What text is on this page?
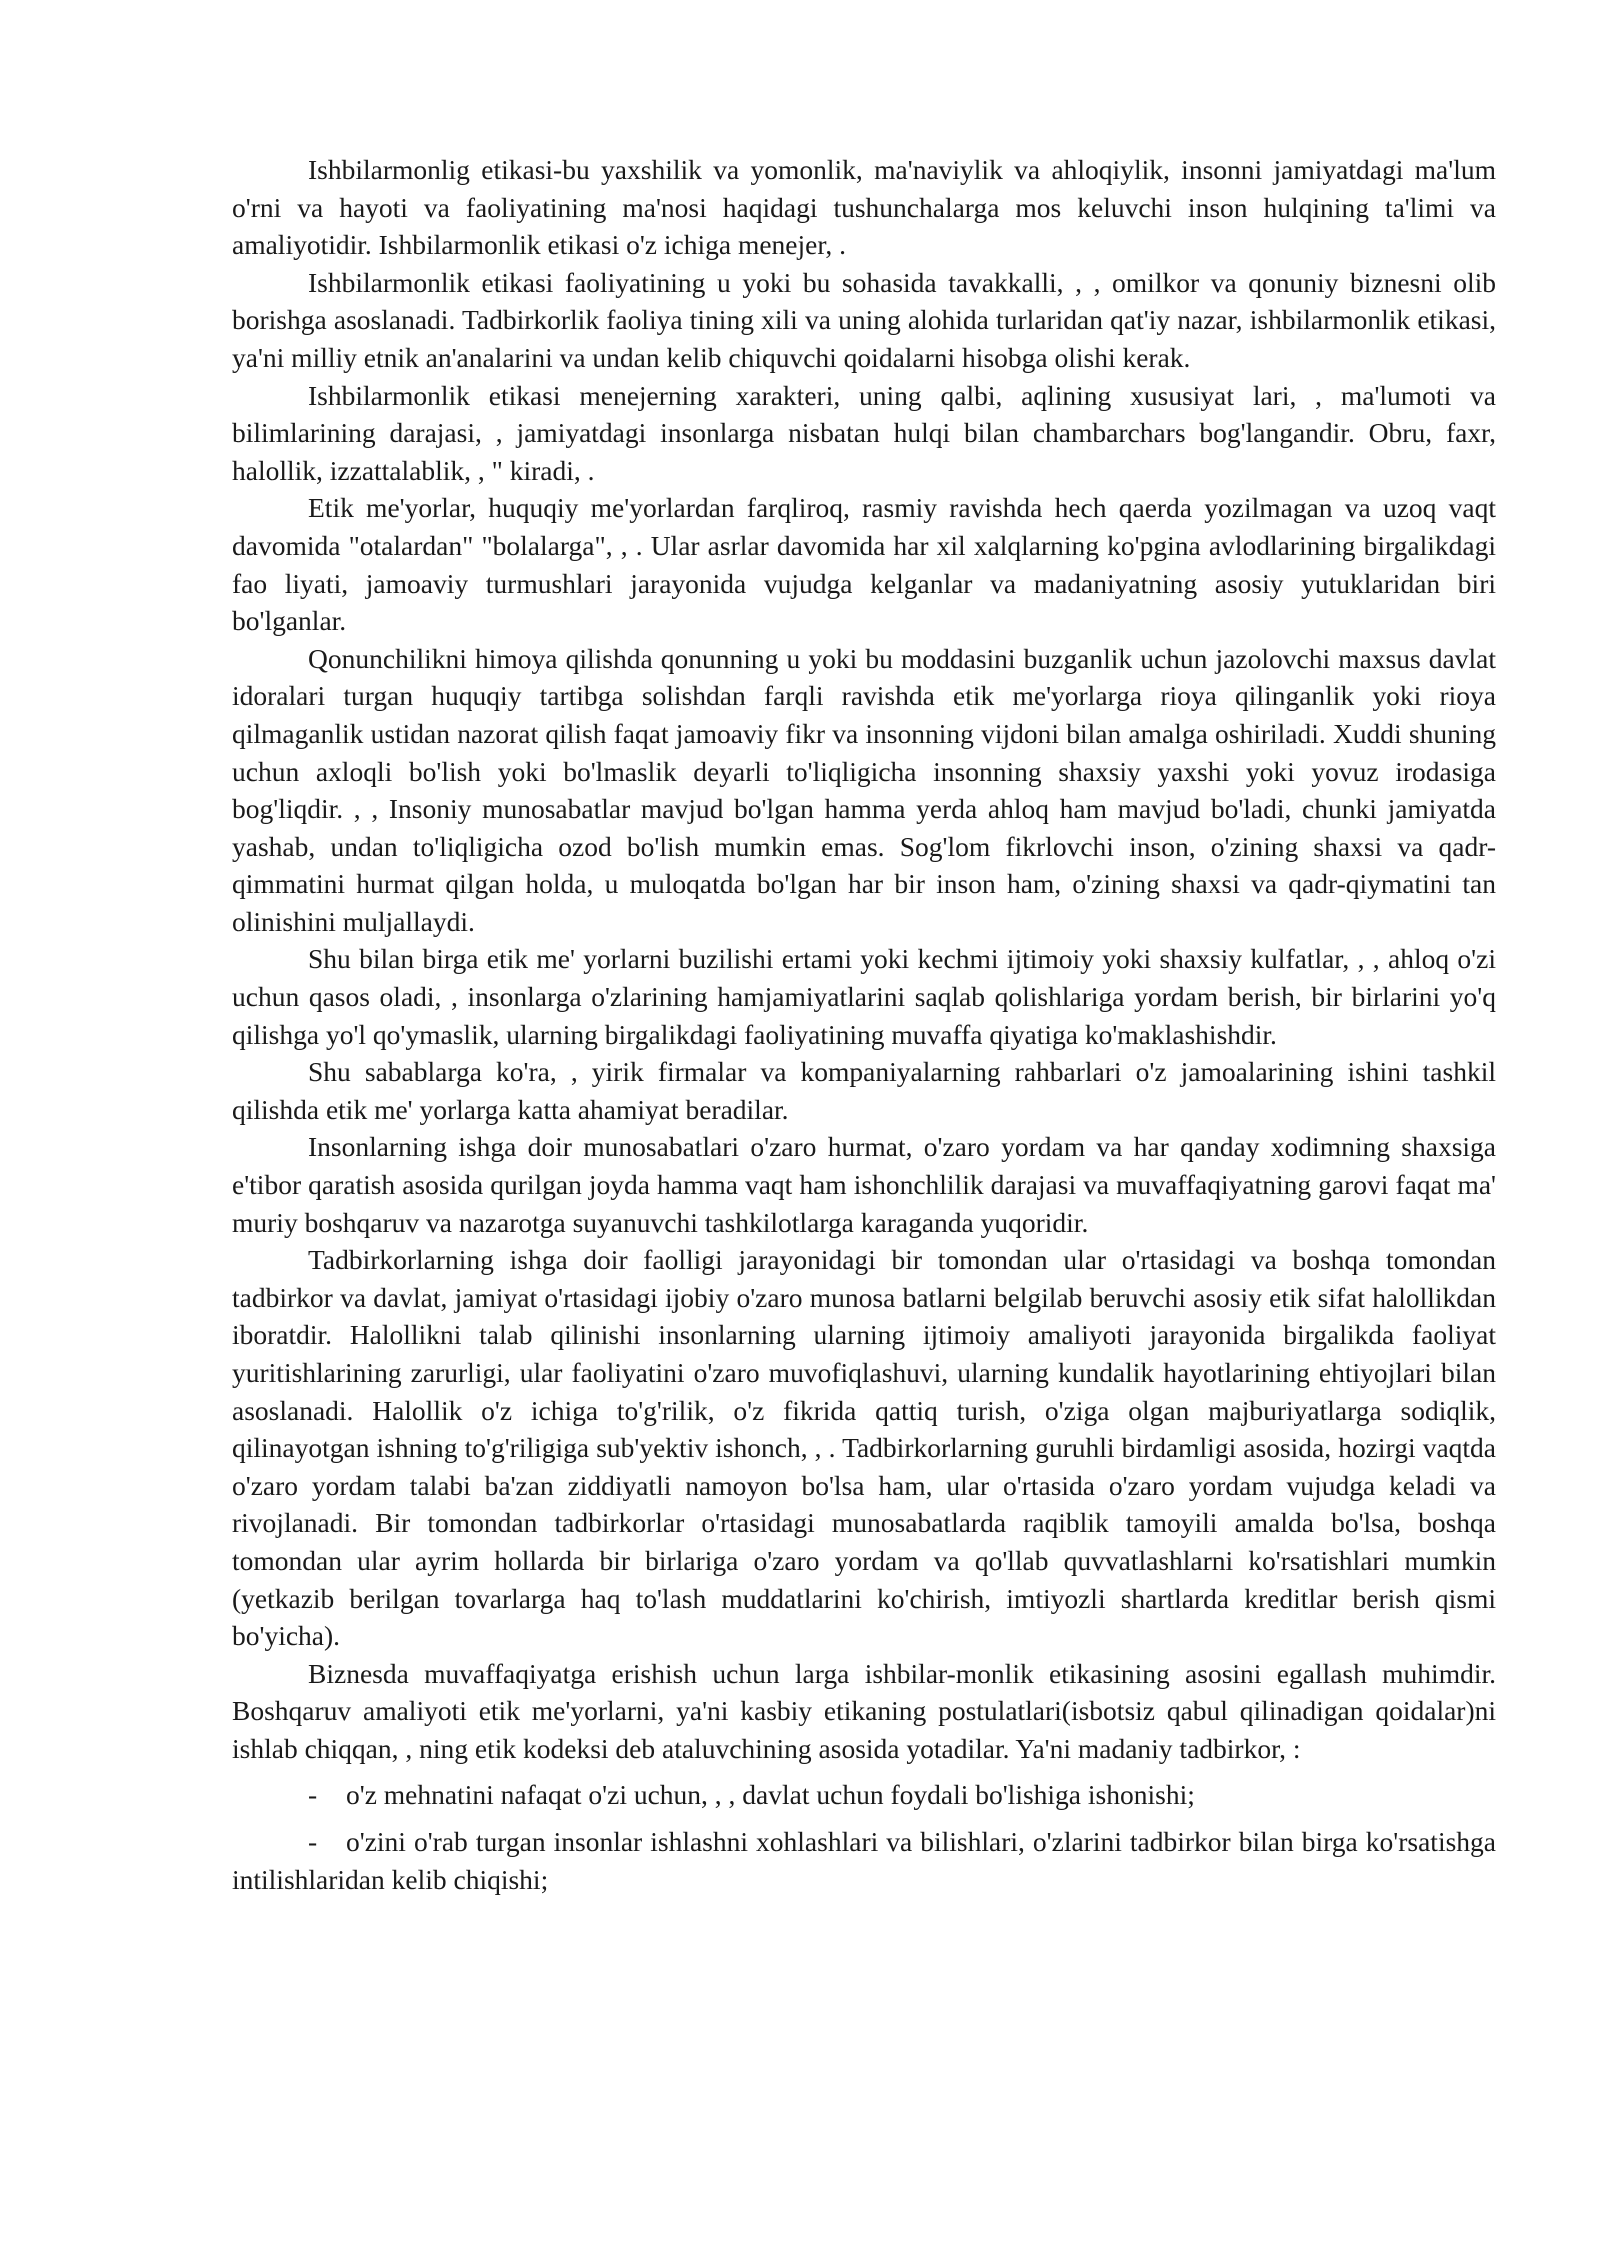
Ishbilarmonlig etikasi-bu yaxshilik va yomonlik, ma'naviylik va ahloqiylik, insonni jamiyatdagi ma'lum o'rni va hayoti va faoliyatining ma'nosi haqidagi tushunchalarga mos keluvchi inson hulqining ta'limi va amaliyotidir. Ishbilarmonlik etikasi o'z ichiga menejer, .

Ishbilarmonlik etikasi faoliyatining u yoki bu sohasida tavakkalli, , , omilkor va qonuniy biznesni olib borishga asoslanadi. Tadbirkorlik faoliya tining xili va uning alohida turlaridan qat'iy nazar, ishbilarmonlik etikasi, ya'ni milliy etnik an'analarini va undan kelib chiquvchi qoidalarni hisobga olishi kerak.

Ishbilarmonlik etikasi menejerning xarakteri, uning qalbi, aqlining xususiyat lari, , ma'lumoti va bilimlarining darajasi, , jamiyatdagi insonlarga nisbatan hulqi bilan chambarchars bog'langandir. Obru, faxr, halollik, izzattalablik, , " kiradi, .

Etik me'yorlar, huquqiy me'yorlardan farqliroq, rasmiy ravishda hech qaerda yozilmagan va uzoq vaqt davomida "otalardan" "bolalarga", , . Ular asrlar davomida har xil xalqlarning ko'pgina avlodlarining birgalikdagi fao liyati, jamoaviy turmushlari jarayonida vujudga kelganlar va madaniyatning asosiy yutuklaridan biri bo'lganlar.

Qonunchilikni himoya qilishda qonunning u yoki bu moddasini buzganlik uchun jazolovchi maxsus davlat idoralari turgan huquqiy tartibga solishdan farqli ravishda etik me'yorlarga rioya qilinganlik yoki rioya qilmaganlik ustidan nazorat qilish faqat jamoaviy fikr va insonning vijdoni bilan amalga oshiriladi. Xuddi shuning uchun axloqli bo'lish yoki bo'lmaslik deyarli to'liqligicha insonning shaxsiy yaxshi yoki yovuz irodasiga bog'liqdir. , , Insoniy munosabatlar mavjud bo'lgan hamma yerda ahloq ham mavjud bo'ladi, chunki jamiyatda yashab, undan to'liqligicha ozod bo'lish mumkin emas. Sog'lom fikrlovchi inson, o'zining shaxsi va qadr-qimmatini hurmat qilgan holda, u muloqatda bo'lgan har bir inson ham, o'zining shaxsi va qadr-qiymatini tan olinishini muljallaydi.

Shu bilan birga etik me' yorlarni buzilishi ertami yoki kechmi ijtimoiy yoki shaxsiy kulfatlar, , , ahloq o'zi uchun qasos oladi, , insonlarga o'zlarining hamjamiyatlarini saqlab qolishlariga yordam berish, bir birlarini yo'q qilishga yo'l qo'ymaslik, ularning birgalikdagi faoliyatining muvaffa qiyatiga ko'maklashishdir.

Shu sabablarga ko'ra, , yirik firmalar va kompaniyalarning rahbarlari o'z jamoalarining ishini tashkil qilishda etik me' yorlarga katta ahamiyat beradilar.

Insonlarning ishga doir munosabatlari o'zaro hurmat, o'zaro yordam va har qanday xodimning shaxsiga e'tibor qaratish asosida qurilgan joyda hamma vaqt ham ishonchlilik darajasi va muvaffaqiyatning garovi faqat ma' muriy boshqaruv va nazarotga suyanuvchi tashkilotlarga karaganda yuqoridir.

Tadbirkorlarning ishga doir faolligi jarayonidagi bir tomondan ular o'rtasidagi va boshqa tomondan tadbirkor va davlat, jamiyat o'rtasidagi ijobiy o'zaro munosa batlarni belgilab beruvchi asosiy etik sifat halollikdan iboratdir. Halollikni talab qilinishi insonlarning ularning ijtimoiy amaliyoti jarayonida birgalikda faoliyat yuritishlarining zarurligi, ular faoliyatini o'zaro muvofiqlashuvi, ularning kundalik hayotlarining ehtiyojlari bilan asoslanadi. Halollik o'z ichiga to'g'rilik, o'z fikrida qattiq turish, o'ziga olgan majburiyatlarga sodiqlik, qilinayotgan ishning to'g'riligiga sub'yektiv ishonch, , . Tadbirkorlarning guruhli birdamligi asosida, hozirgi vaqtda o'zaro yordam talabi ba'zan ziddiyatli namoyon bo'lsa ham, ular o'rtasida o'zaro yordam vujudga keladi va rivojlanadi. Bir tomondan tadbirkorlar o'rtasidagi munosabatlarda raqiblik tamoyili amalda bo'lsa, boshqa tomondan ular ayrim hollarda bir birlariga o'zaro yordam va qo'llab quvvatlashlarni ko'rsatishlari mumkin (yetkazib berilgan tovarlarga haq to'lash muddatlarini ko'chirish, imtiyozli shartlarda kreditlar berish qismi bo'yicha).

Biznesda muvaffaqiyatga erishish uchun larga ishbilar-monlik etikasining asosini egallash muhimdir. Boshqaruv amaliyoti etik me'yorlarni, ya'ni kasbiy etikaning postulatlari(isbotsiz qabul qilinadigan qoidalar)ni ishlab chiqqan, , ning etik kodeksi deb ataluvchining asosida yotadilar. Ya'ni madaniy tadbirkor, :

- o'z mehnatini nafaqat o'zi uchun, , , davlat uchun foydali bo'lishiga ishonishi;

- o'zini o'rab turgan insonlar ishlashni xohlashlari va bilishlari, o'zlarini tadbirkor bilan birga ko'rsatishga intilishlaridan kelib chiqishi;
